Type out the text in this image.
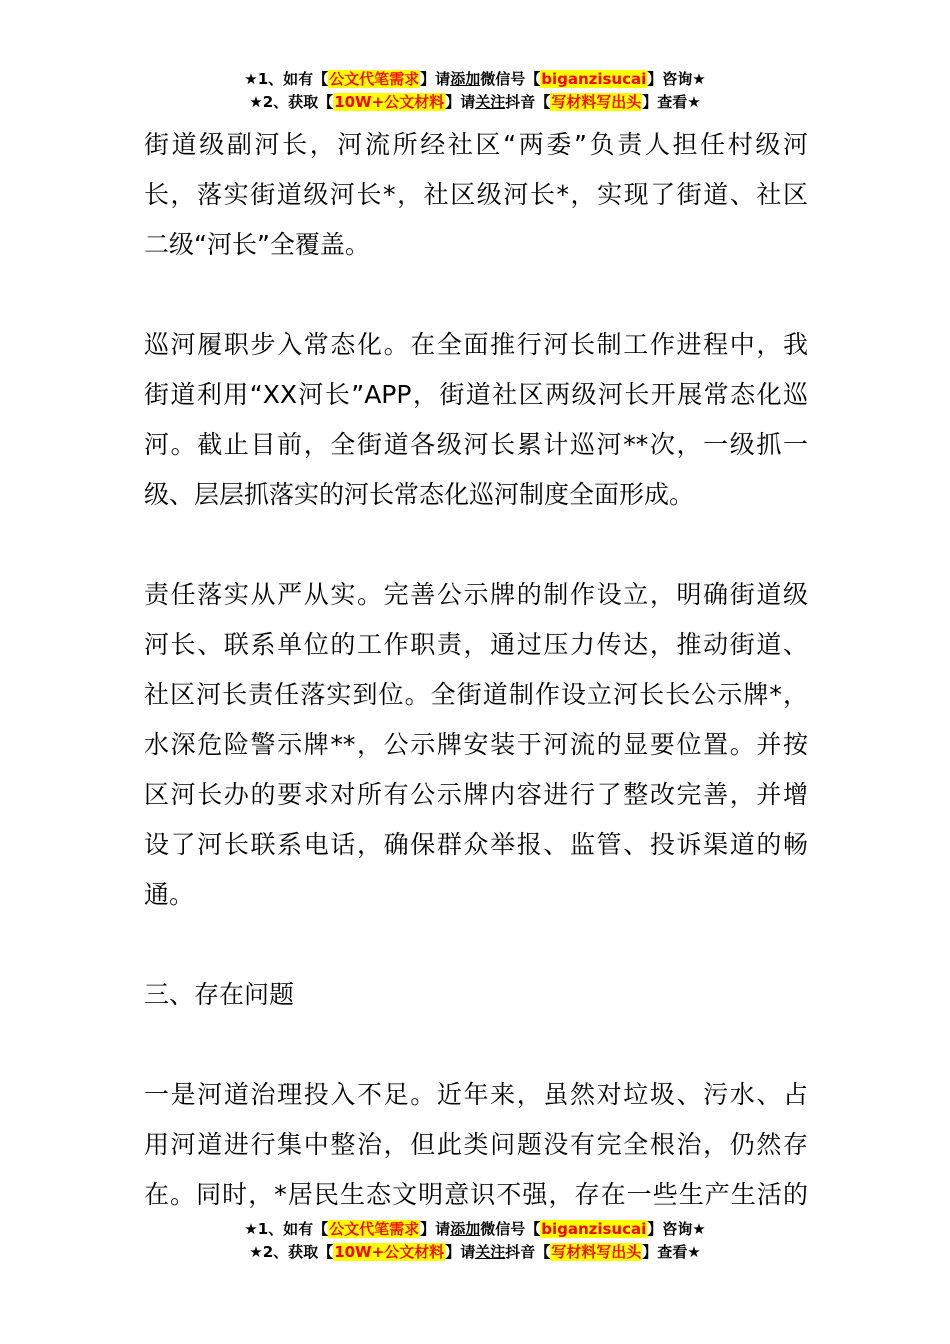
★1、如有【公文代笔需求】请添加微信号【biganzisucai】咨询★
★2、获取【10W+公文材料】请关注抖音【写材料写出头】查看★
街道级副河长，河流所经社区“两委”负责人担任村级河
长，落实街道级河长*，社区级河长*，实现了街道、社区
二级“河长”全覆盖。
巡河履职步入常态化。在全面推行河长制工作进程中，我
街道利用“XX河长”APP，街道社区两级河长开展常态化巡
河。截止目前，全街道各级河长累计巡河**次，一级抓一
级、层层抓落实的河长常态化巡河制度全面形成。
责任落实从严从实。完善公示牌的制作设立，明确街道级
河长、联系单位的工作职责，通过压力传达，推动街道、
社区河长责任落实到位。全街道制作设立河长长公示牌*，
水深危险警示牌**，公示牌安装于河流的显要位置。并按
区河长办的要求对所有公示牌内容进行了整改完善，并增
设了河长联系电话，确保群众举报、监管、投诉渠道的畅
通。
三、存在问题
一是河道治理投入不足。近年来，虽然对垃圾、污水、占
用河道进行集中整治，但此类问题没有完全根治，仍然存
在。同时，*居民生态文明意识不强，存在一些生产生活的
★1、如有【公文代笔需求】请添加微信号【biganzisucai】咨询★
★2、获取【10W+公文材料】请关注抖音【写材料写出头】查看★
